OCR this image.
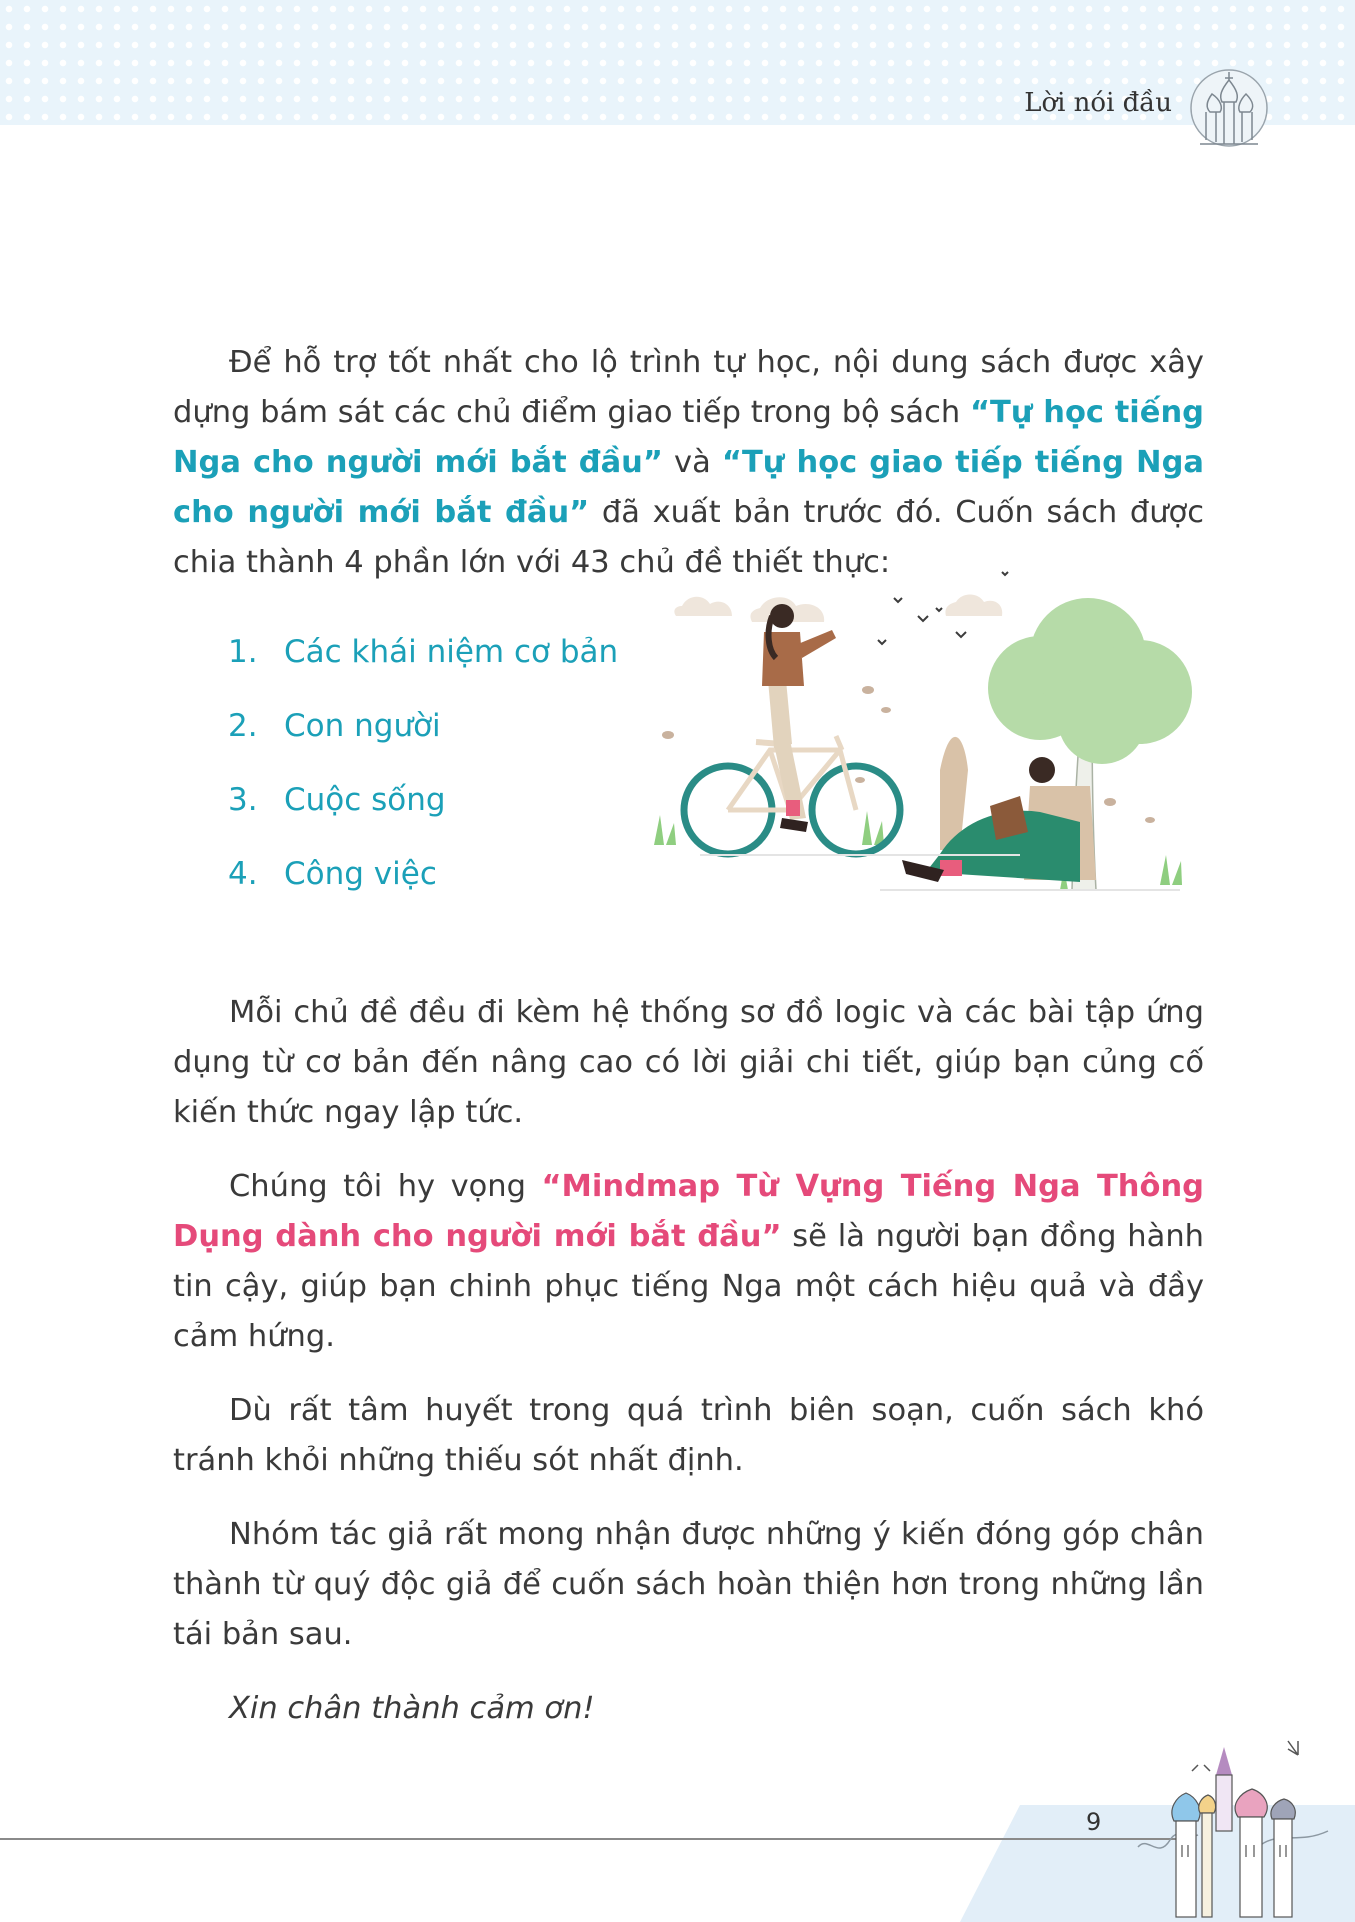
Lời nói đầu

Để hỗ trợ tốt nhất cho lộ trình tự học, nội dung sách được xây dựng bám sát các chủ điểm giao tiếp trong bộ sách “Tự học tiếng Nga cho người mới bắt đầu” và “Tự học giao tiếp tiếng Nga cho người mới bắt đầu” đã xuất bản trước đó. Cuốn sách được chia thành 4 phần lớn với 43 chủ đề thiết thực:

Mỗi chủ đề đều đi kèm hệ thống sơ đồ logic và các bài tập ứng dụng từ cơ bản đến nâng cao có lời giải chi tiết, giúp bạn củng cố kiến thức ngay lập tức.

Chúng tôi hy vọng “Mindmap Từ Vựng Tiếng Nga Thông Dụng dành cho người mới bắt đầu” sẽ là người bạn đồng hành tin cậy, giúp bạn chinh phục tiếng Nga một cách hiệu quả và đầy cảm hứng.

Dù rất tâm huyết trong quá trình biên soạn, cuốn sách khó tránh khỏi những thiếu sót nhất định.

Nhóm tác giả rất mong nhận được những ý kiến đóng góp chân thành từ quý độc giả để cuốn sách hoàn thiện hơn trong những lần tái bản sau.

Xin chân thành cảm ơn!

1. Các khái niệm cơ bản
2. Con người
3. Cuộc sống
4. Công việc
9
